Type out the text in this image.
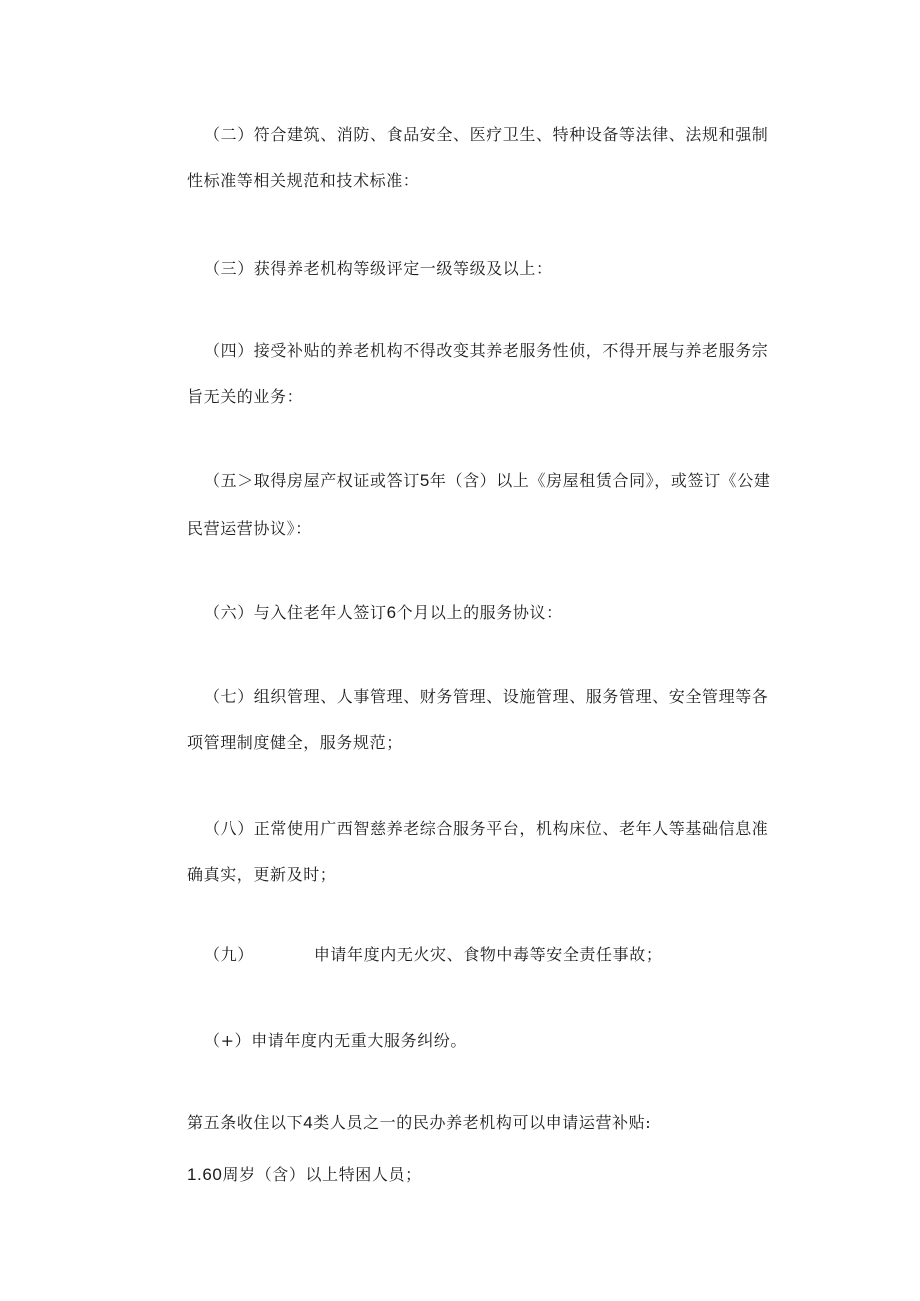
（二）符合建筑、消防、食品安全、医疗卫生、特种设备等法律、法规和强制
性标准等相关规范和技术标准：
（三）获得养老机构等级评定一级等级及以上：
（四）接受补贴的养老机构不得改变其养老服务性侦，不得开展与养老服务宗
旨无关的业务：
（五＞取得房屋产权证或答订5年（含）以上《房屋租赁合同》，或签订《公建
民营运营协议》：
（六）与入住老年人签订6个月以上的服务协议：
（七）组织管理、人事管理、财务管理、设施管理、服务管理、安全管理等各
项管理制度健全，服务规范；
（八）正常使用广西智慈养老综合服务平台，机构床位、老年人等基础信息准
确真实，更新及时；
（九）	申请年度内无火灾、食物中毒等安全责任事故；
（+）申请年度内无重大服务纠纷。
第五条收住以下4类人员之一的民办养老机构可以申请运营补贴:
1.60周岁（含）以上特困人员；
